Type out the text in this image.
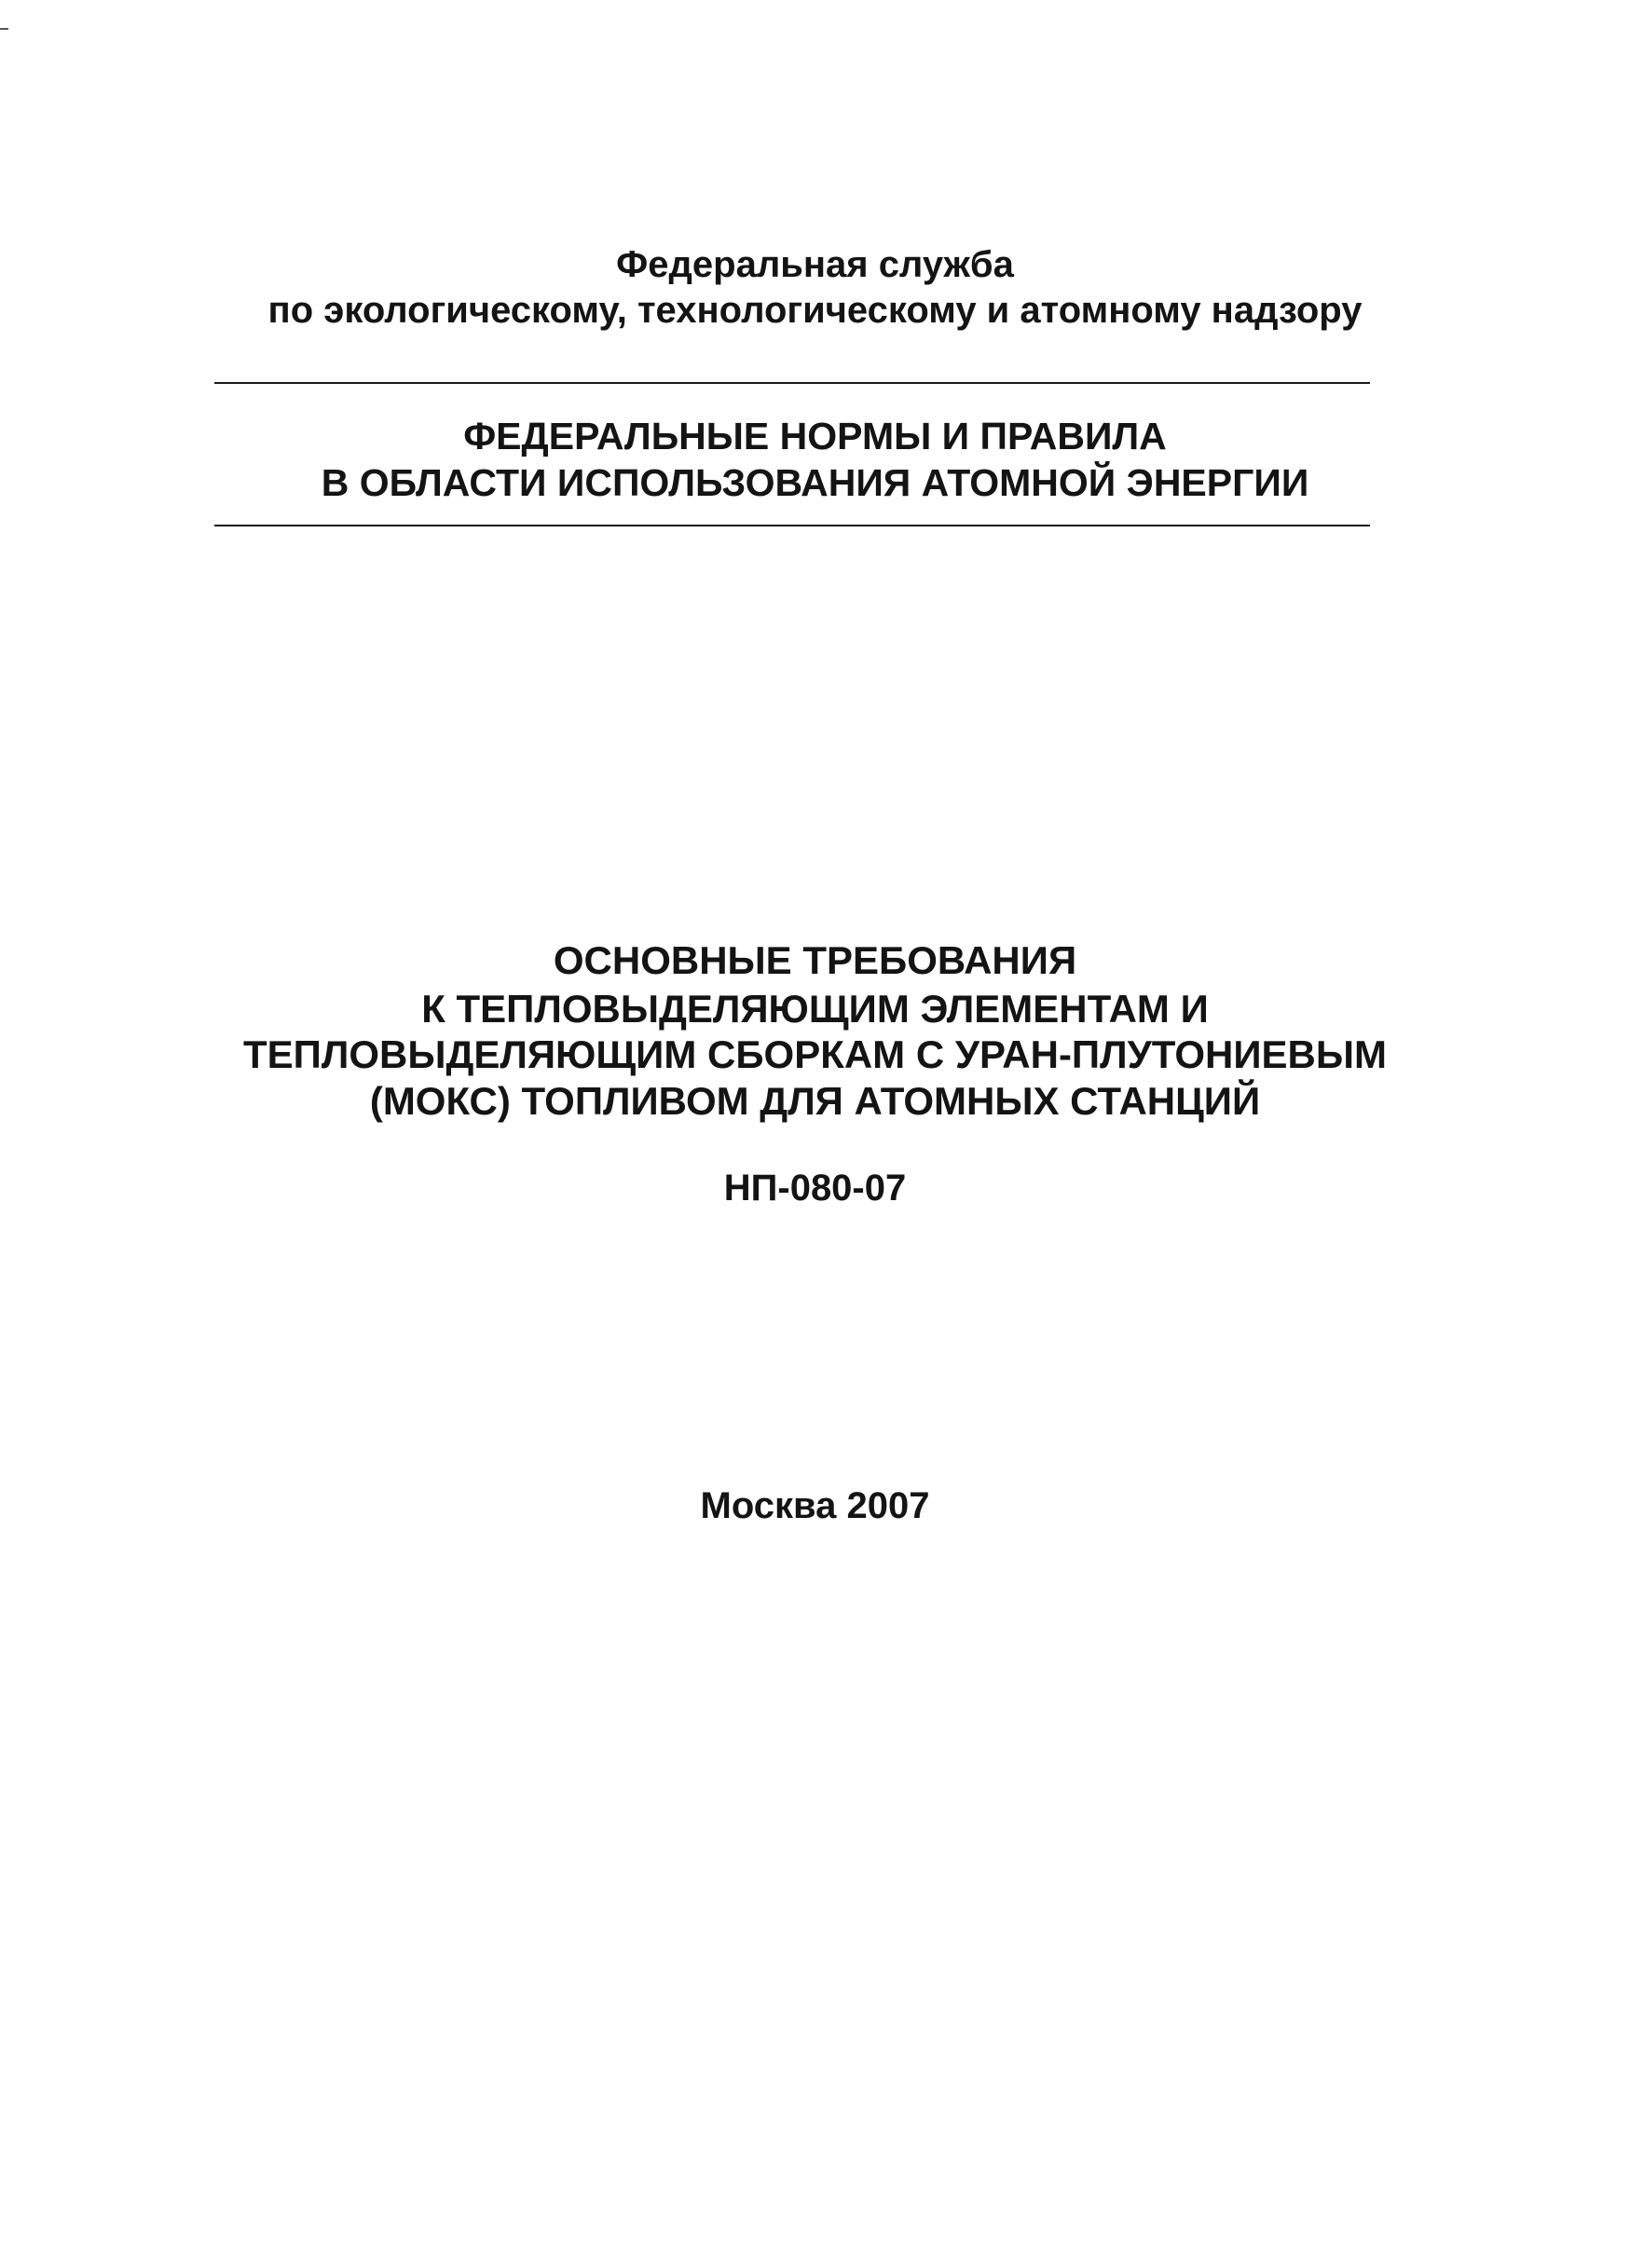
Федеральная служба
по экологическому, технологическому и атомному надзору
ФЕДЕРАЛЬНЫЕ НОРМЫ И ПРАВИЛА
В ОБЛАСТИ ИСПОЛЬЗОВАНИЯ АТОМНОЙ ЭНЕРГИИ
ОСНОВНЫЕ ТРЕБОВАНИЯ
К ТЕПЛОВЫДЕЛЯЮЩИМ ЭЛЕМЕНТАМ И
ТЕПЛОВЫДЕЛЯЮЩИМ СБОРКАМ С УРАН-ПЛУТОНИЕВЫМ
(МОКС) ТОПЛИВОМ ДЛЯ АТОМНЫХ СТАНЦИЙ
НП-080-07
Москва 2007
